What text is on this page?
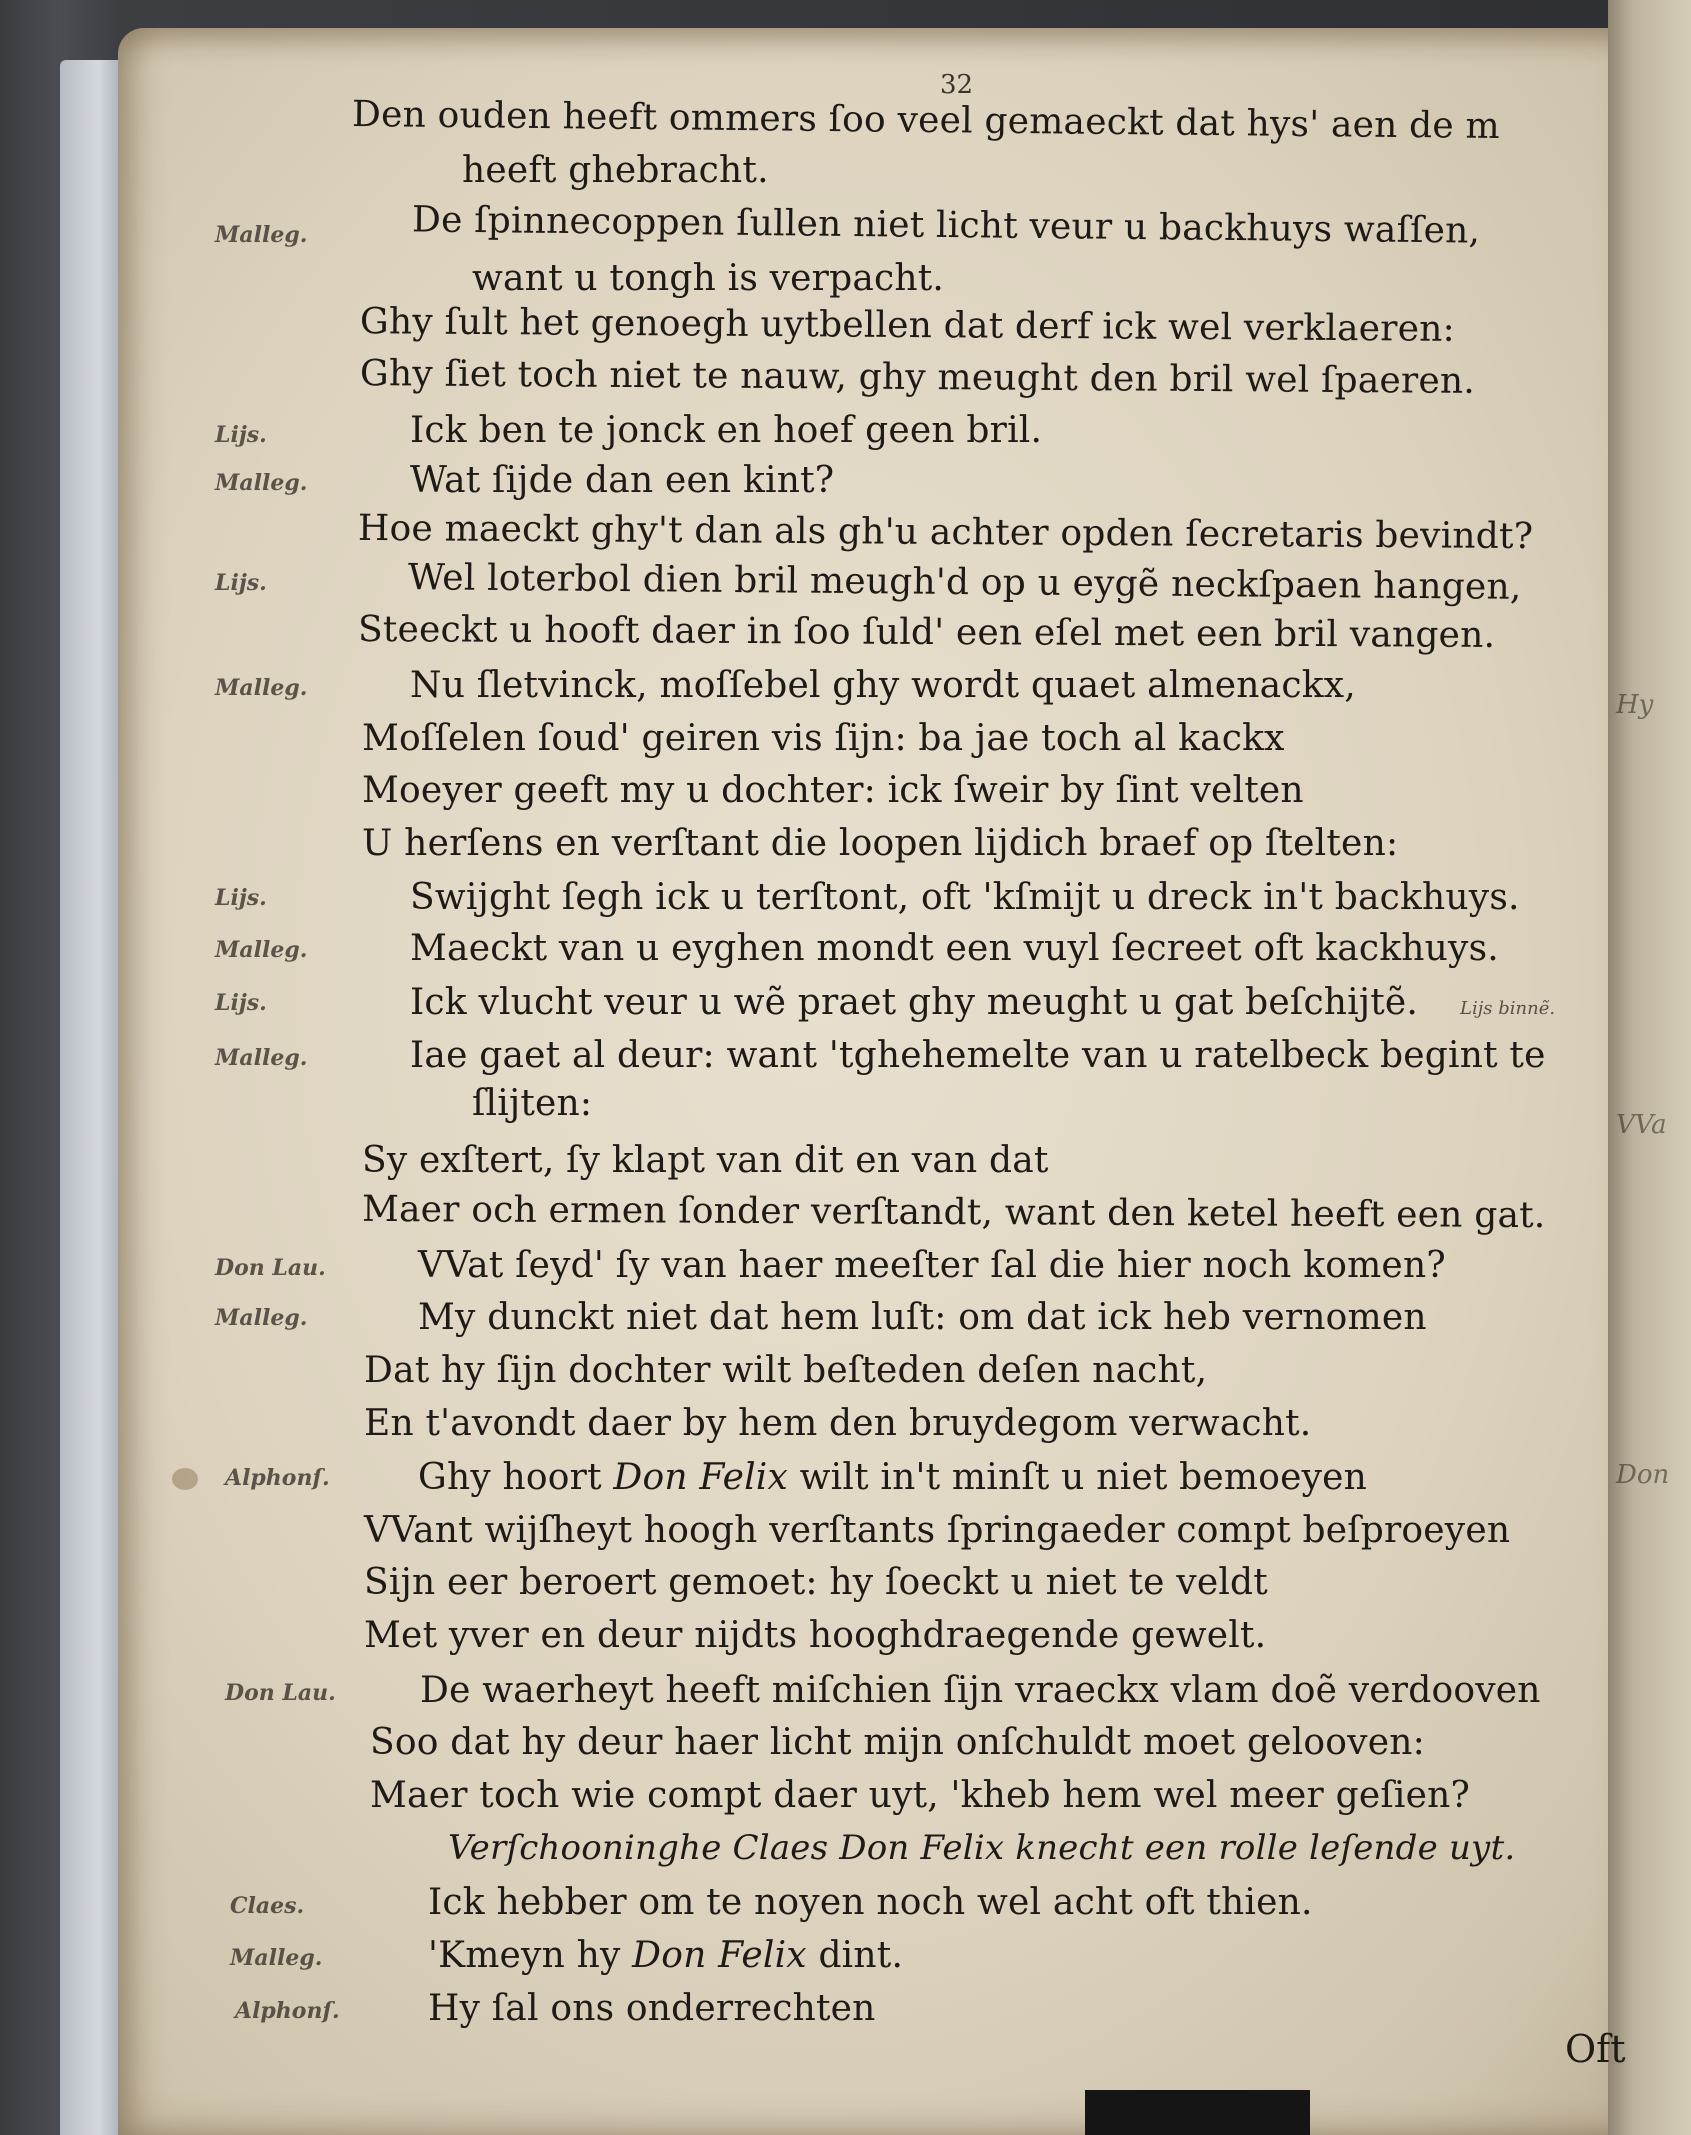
Hy
VVa
Don
32
Malleg.
Lijs.
Malleg.
Lijs.
Malleg.
Lijs.
Malleg.
Lijs.
Malleg.
Don Lau.
Malleg.
Alphonſ.
Don Lau.
Claes.
Malleg.
Alphonſ.
Den ouden heeft ommers ſoo veel gemaeckt dat hys' aen de m
heeft ghebracht.
De ſpinnecoppen ſullen niet licht veur u backhuys waſſen,
want u tongh is verpacht.
Ghy ſult het genoegh uytbellen dat derf ick wel verklaeren:
Ghy ſiet toch niet te nauw, ghy meught den bril wel ſpaeren.
Ick ben te jonck en hoef geen bril.
Wat ſijde dan een kint?
Hoe maeckt ghy't dan als gh'u achter opden ſecretaris bevindt?
Wel loterbol dien bril meugh'd op u eygẽ neckſpaen hangen,
Steeckt u hooft daer in ſoo ſuld' een eſel met een bril vangen.
Nu ſletvinck, moſſebel ghy wordt quaet almenackx,
Moſſelen ſoud' geiren vis ſijn: ba jae toch al kackx
Moeyer geeft my u dochter: ick ſweir by ſint velten
U herſens en verſtant die loopen lijdich braef op ſtelten:
Swijght ſegh ick u terſtont, oft 'kſmijt u dreck in't backhuys.
Maeckt van u eyghen mondt een vuyl ſecreet oft kackhuys.
Ick vlucht veur u wẽ praet ghy meught u gat beſchijtẽ. Lijs binnẽ.
Iae gaet al deur: want 'tghehemelte van u ratelbeck begint te
ſlijten:
Sy exſtert, ſy klapt van dit en van dat
Maer och ermen ſonder verſtandt, want den ketel heeft een gat.
VVat ſeyd' ſy van haer meeſter ſal die hier noch komen?
My dunckt niet dat hem luſt: om dat ick heb vernomen
Dat hy ſijn dochter wilt beſteden deſen nacht,
En t'avondt daer by hem den bruydegom verwacht.
Ghy hoort Don Felix wilt in't minſt u niet bemoeyen
VVant wijſheyt hoogh verſtants ſpringaeder compt beſproeyen
Sijn eer beroert gemoet: hy ſoeckt u niet te veldt
Met yver en deur nijdts hooghdraegende gewelt.
De waerheyt heeft miſchien ſijn vraeckx vlam doẽ verdooven
Soo dat hy deur haer licht mijn onſchuldt moet gelooven:
Maer toch wie compt daer uyt, 'kheb hem wel meer geſien?
Verſchooninghe Claes Don Felix knecht een rolle leſende uyt.
Ick hebber om te noyen noch wel acht oft thien.
'Kmeyn hy Don Felix dint.
Hy ſal ons onderrechten
Oft
